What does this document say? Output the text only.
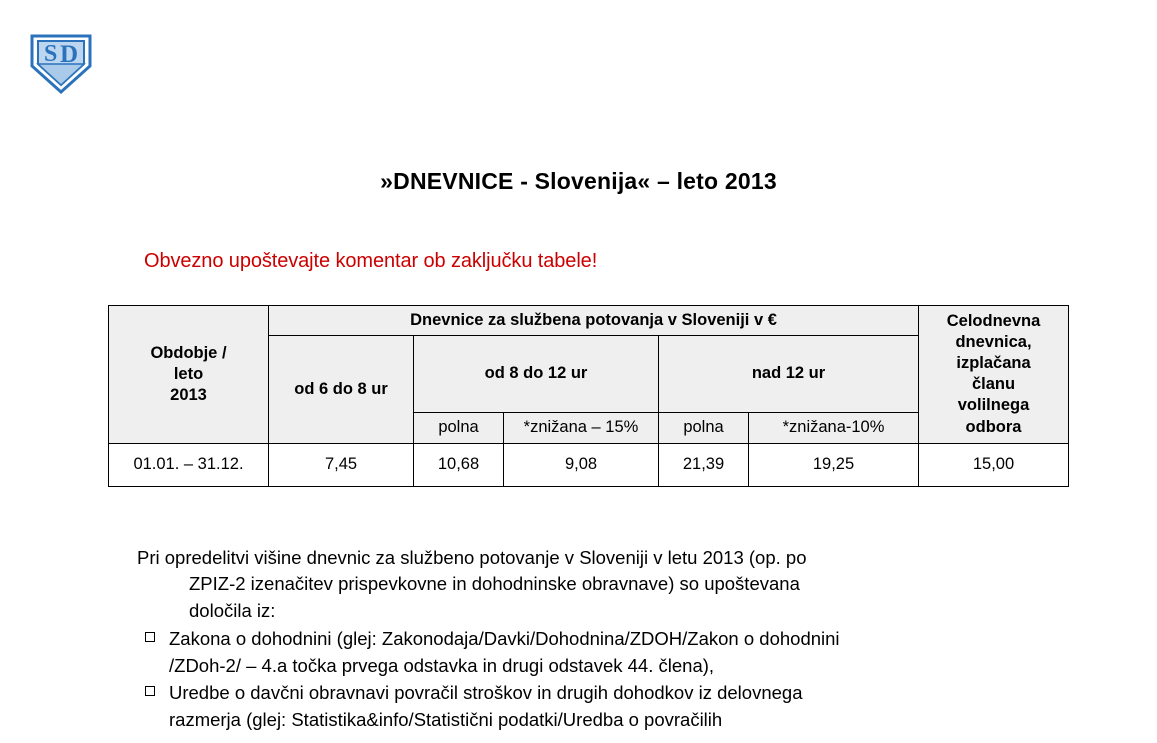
S D
»DNEVNICE - Slovenija« – leto 2013
Obvezno upoštevajte komentar ob zaključku tabele!
Obdobje /
leto
2013
	Dnevnice za službena potovanja v Sloveniji v €	Celodnevna
dnevnica,
izplačana
članu
volilnega
odbora

	od 6 do 8 ur	od 8 do 12 ur		nad 12 ur		
		polna	*znižana – 15%	polna	*znižana-10%	
01.01. – 31.12.	7,45	10,68	9,08	21,39	19,25	15,00
Pri opredelitvi višine dnevnic za službeno potovanje v Sloveniji v letu 2013 (op. po
ZPIZ-2 izenačitev prispevkovne in dohodninske obravnave) so upoštevana
določila iz:
Zakona o dohodnini (glej: Zakonodaja/Davki/Dohodnina/ZDOH/Zakon o dohodnini
/ZDoh-2/ – 4.a točka prvega odstavka in drugi odstavek 44. člena),
Uredbe o davčni obravnavi povračil stroškov in drugih dohodkov iz delovnega
razmerja (glej: Statistika&info/Statistični podatki/Uredba o povračilih
